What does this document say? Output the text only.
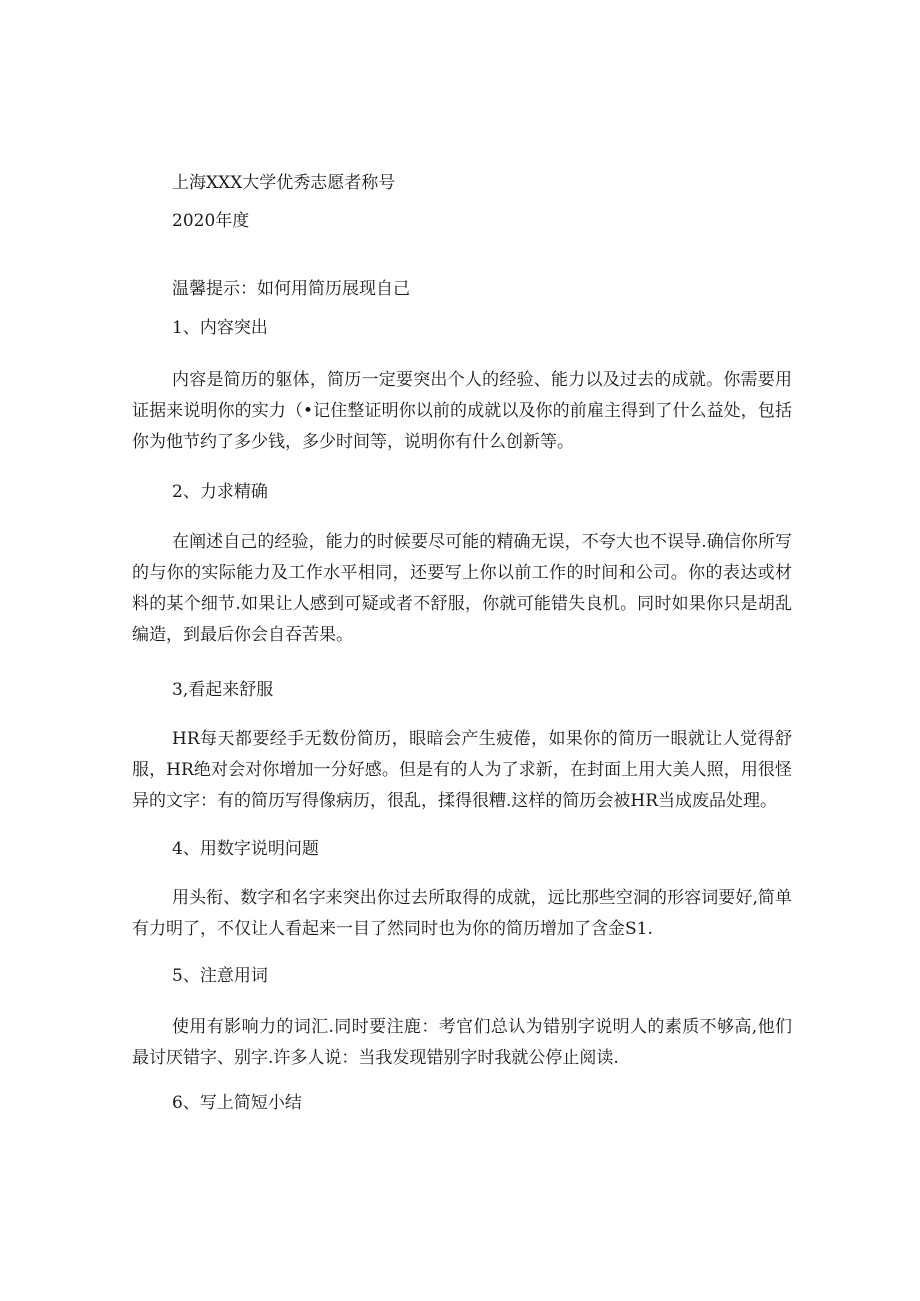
上海XXX大学优秀志愿者称号

2020年度

温馨提示：如何用简历展现自己

1、内容突出

内容是简历的躯体，简历一定要突出个人的经验、能力以及过去的成就。你需要用证据来说明你的实力（•记住整证明你以前的成就以及你的前雇主得到了什么益处，包括你为他节约了多少钱，多少时间等，说明你有什么创新等。

2、力求精确

在阐述自己的经验，能力的时候要尽可能的精确无误，不夸大也不误导.确信你所写的与你的实际能力及工作水平相同，还要写上你以前工作的时间和公司。你的表达或材料的某个细节.如果让人感到可疑或者不舒服，你就可能错失良机。同时如果你只是胡乱编造，到最后你会自吞苦果。

3,看起来舒服

HR每天都要经手无数份简历，眼暗会产生疲倦，如果你的简历一眼就让人觉得舒服，HR绝对会对你增加一分好感。但是有的人为了求新，在封面上用大美人照，用很怪异的文字：有的简历写得像病历，很乱，揉得很糟.这样的简历会被HR当成废品处理。

4、用数字说明问题

用头衔、数字和名字来突出你过去所取得的成就，远比那些空洞的形容词要好,简单有力明了，不仅让人看起来一目了然同时也为你的简历增加了含金S1.

5、注意用词

使用有影响力的词汇.同时要注鹿：考官们总认为错别字说明人的素质不够高,他们最讨厌错字、别字.许多人说：当我发现错别字时我就公停止阅读.

6、写上简短小结
